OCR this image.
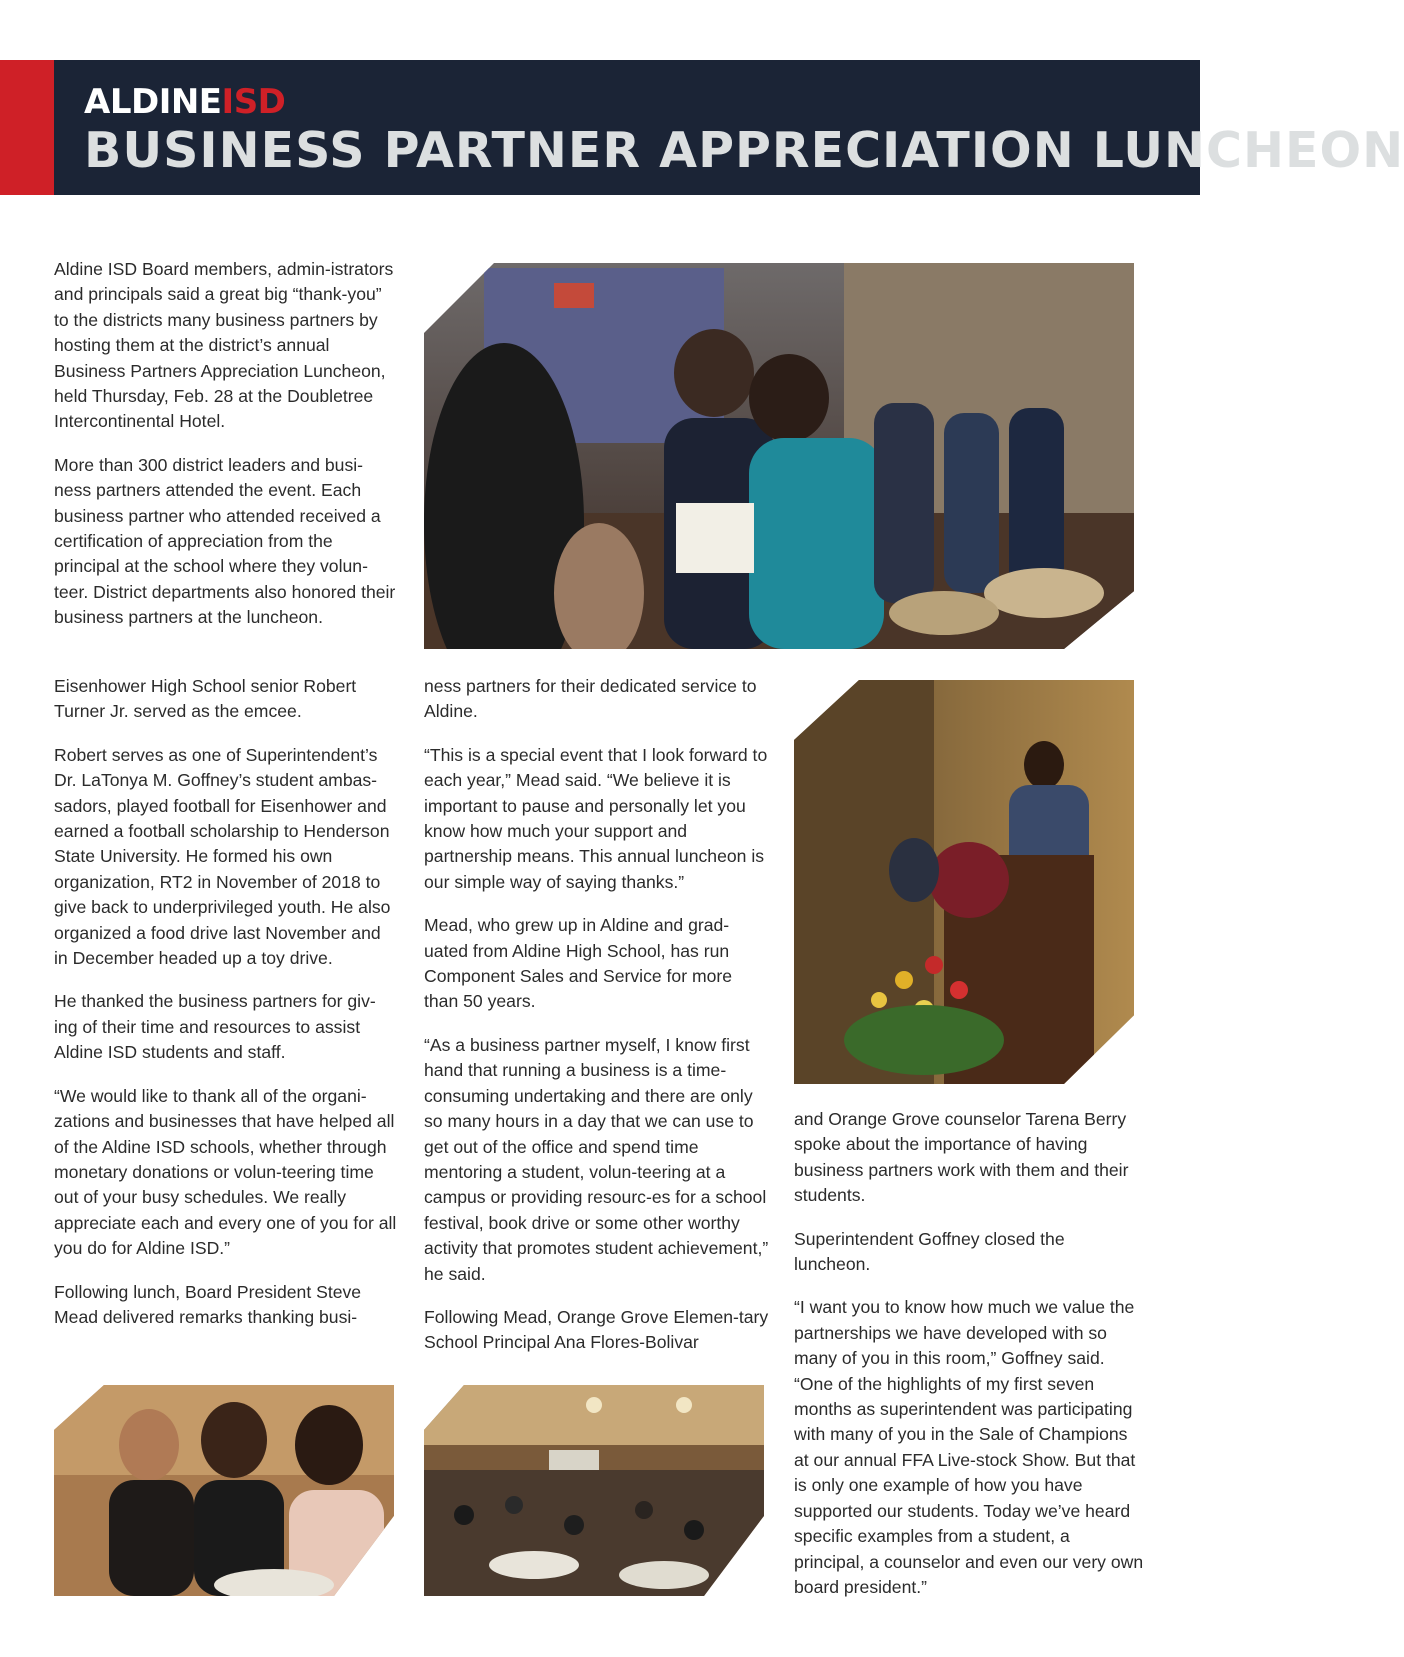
ALDINEISD
BUSINESS PARTNER APPRECIATION LUNCHEON

Aldine ISD Board members, admin-istrators and principals said a great big “thank-you” to the districts many business partners by hosting them at the district’s annual Business Partners Appreciation Luncheon, held Thursday, Feb. 28 at the Doubletree Intercontinental Hotel.

More than 300 district leaders and busi-ness partners attended the event. Each business partner who attended received a certification of appreciation from the principal at the school where they volun-teer. District departments also honored their business partners at the luncheon.

Eisenhower High School senior Robert Turner Jr. served as the emcee.

Robert serves as one of Superintendent’s Dr. LaTonya M. Goffney’s student ambas-sadors, played football for Eisenhower and earned a football scholarship to Henderson State University. He formed his own organization, RT2 in November of 2018 to give back to underprivileged youth. He also organized a food drive last November and in December headed up a toy drive.

He thanked the business partners for giv-ing of their time and resources to assist Aldine ISD students and staff.

“We would like to thank all of the organi-zations and businesses that have helped all of the Aldine ISD schools, whether through monetary donations or volun-teering time out of your busy schedules. We really appreciate each and every one of you for all you do for Aldine ISD.”

Following lunch, Board President Steve Mead delivered remarks thanking busi-

ness partners for their dedicated service to Aldine.

“This is a special event that I look forward to each year,” Mead said. “We believe it is important to pause and personally let you know how much your support and partnership means. This annual luncheon is our simple way of saying thanks.”

Mead, who grew up in Aldine and grad-uated from Aldine High School, has run Component Sales and Service for more than 50 years.

“As a business partner myself, I know first hand that running a business is a time-consuming undertaking and there are only so many hours in a day that we can use to get out of the office and spend time mentoring a student, volun-teering at a campus or providing resourc-es for a school festival, book drive or some other worthy activity that promotes student achievement,” he said.

Following Mead, Orange Grove Elemen-tary School Principal Ana Flores-Bolivar

and Orange Grove counselor Tarena Berry spoke about the importance of having business partners work with them and their students.

Superintendent Goffney closed the luncheon.

“I want you to know how much we value the partnerships we have developed with so many of you in this room,” Goffney said. “One of the highlights of my first seven months as superintendent was participating with many of you in the Sale of Champions at our annual FFA Live-stock Show. But that is only one example of how you have supported our students. Today we’ve heard specific examples from a student, a principal, a counselor and even our very own board president.”
